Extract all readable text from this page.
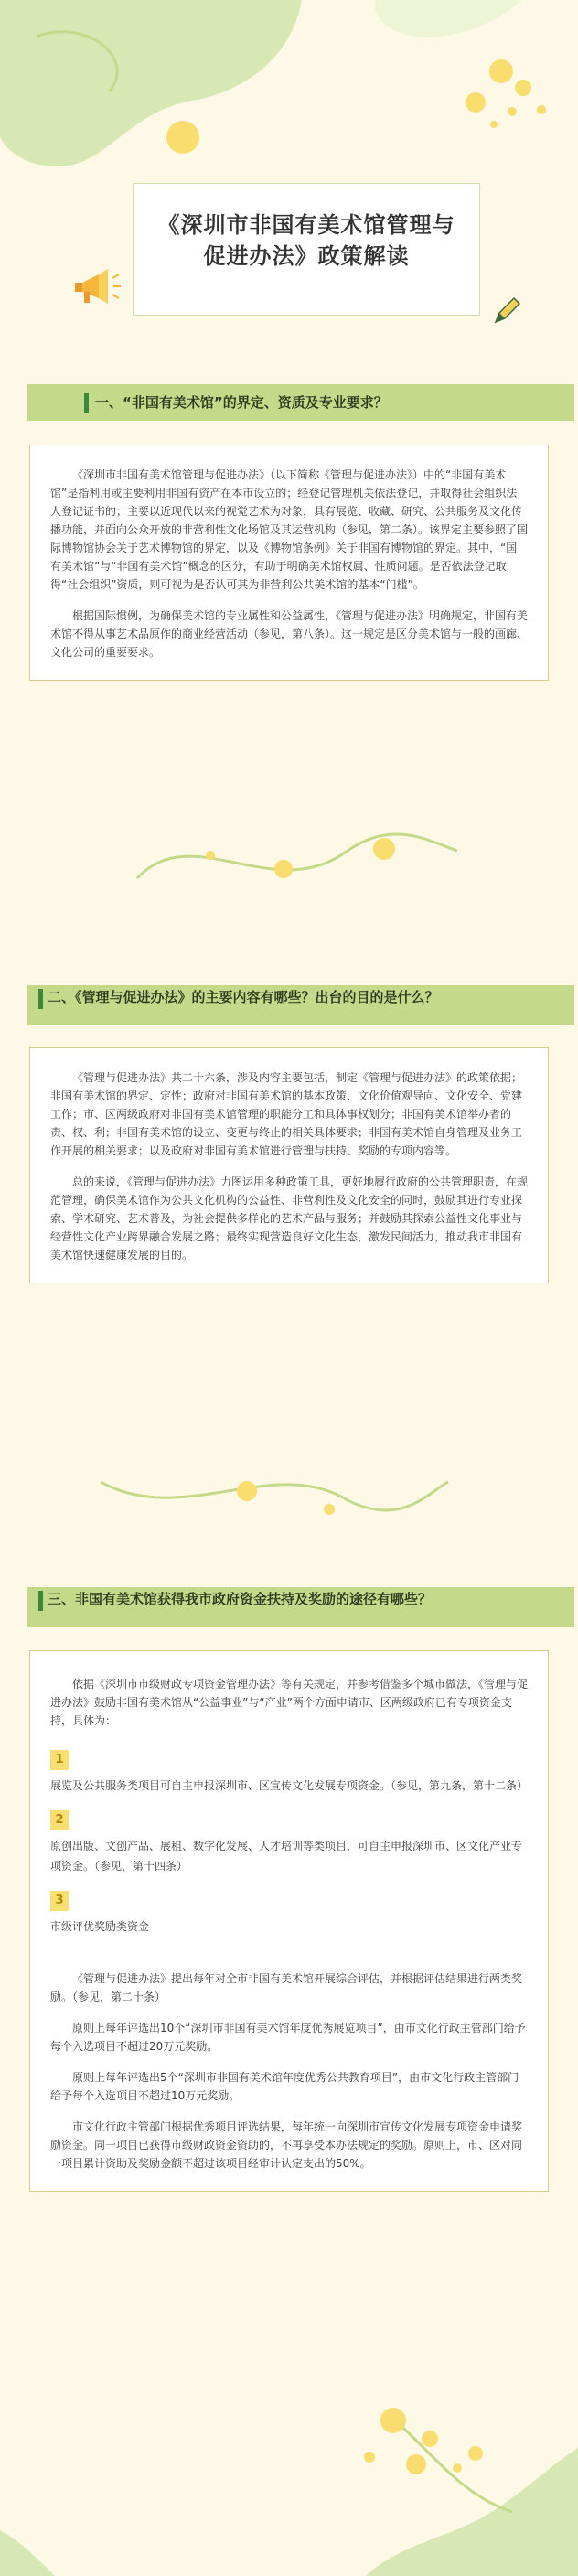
《深圳市非国有美术馆管理与促进办法》政策解读
一、“非国有美术馆”的界定、资质及专业要求？

《深圳市非国有美术馆管理与促进办法》（以下简称《管理与促进办法》）中的“非国有美术馆”是指利用或主要利用非国有资产在本市设立的；经登记管理机关依法登记，并取得社会组织法人登记证书的；主要以近现代以来的视觉艺术为对象，具有展览、收藏、研究、公共服务及文化传播功能，并面向公众开放的非营利性文化场馆及其运营机构（参见，第二条）。该界定主要参照了国际博物馆协会关于艺术博物馆的界定，以及《博物馆条例》关于非国有博物馆的界定。其中，“国有美术馆”与“非国有美术馆”概念的区分，有助于明确美术馆权属、性质问题。是否依法登记取得“社会组织”资质，则可视为是否认可其为非营利公共美术馆的基本“门槛”。

根据国际惯例，为确保美术馆的专业属性和公益属性，《管理与促进办法》明确规定，非国有美术馆不得从事艺术品原作的商业经营活动（参见，第八条）。这一规定是区分美术馆与一般的画廊、文化公司的重要要求。

二、《管理与促进办法》的主要内容有哪些？出台的目的是什么？

《管理与促进办法》共二十六条，涉及内容主要包括，制定《管理与促进办法》的政策依据；非国有美术馆的界定、定性；政府对非国有美术馆的基本政策、文化价值观导向、文化安全、党建工作；市、区两级政府对非国有美术馆管理的职能分工和具体事权划分；非国有美术馆举办者的责、权、利；非国有美术馆的设立、变更与终止的相关具体要求；非国有美术馆自身管理及业务工作开展的相关要求；以及政府对非国有美术馆进行管理与扶持、奖励的专项内容等。

总的来说，《管理与促进办法》力图运用多种政策工具，更好地履行政府的公共管理职责，在规范管理，确保美术馆作为公共文化机构的公益性、非营利性及文化安全的同时，鼓励其进行专业探索、学术研究、艺术普及，为社会提供多样化的艺术产品与服务；并鼓励其探索公益性文化事业与经营性文化产业跨界融合发展之路；最终实现营造良好文化生态，激发民间活力，推动我市非国有美术馆快速健康发展的目的。

三、非国有美术馆获得我市政府资金扶持及奖励的途径有哪些？

依据《深圳市市级财政专项资金管理办法》等有关规定，并参考借鉴多个城市做法，《管理与促进办法》鼓励非国有美术馆从“公益事业”与“产业”两个方面申请市、区两级政府已有专项资金支持，具体为：

1
展览及公共服务类项目可自主申报深圳市、区宣传文化发展专项资金。（参见，第九条，第十二条）
2
原创出版、文创产品、展租、数字化发展、人才培训等类项目，可自主申报深圳市、区文化产业专项资金。（参见，第十四条）
3
市级评优奖励类资金

《管理与促进办法》提出每年对全市非国有美术馆开展综合评估，并根据评估结果进行两类奖励。（参见，第二十条）

原则上每年评选出10个“深圳市非国有美术馆年度优秀展览项目”，由市文化行政主管部门给予每个入选项目不超过20万元奖励。

原则上每年评选出5个“深圳市非国有美术馆年度优秀公共教育项目”，由市文化行政主管部门给予每个入选项目不超过10万元奖励。

市文化行政主管部门根据优秀项目评选结果，每年统一向深圳市宣传文化发展专项资金申请奖励资金。同一项目已获得市级财政资金资助的，不再享受本办法规定的奖励。原则上，市、区对同一项目累计资助及奖励金额不超过该项目经审计认定支出的50%。
